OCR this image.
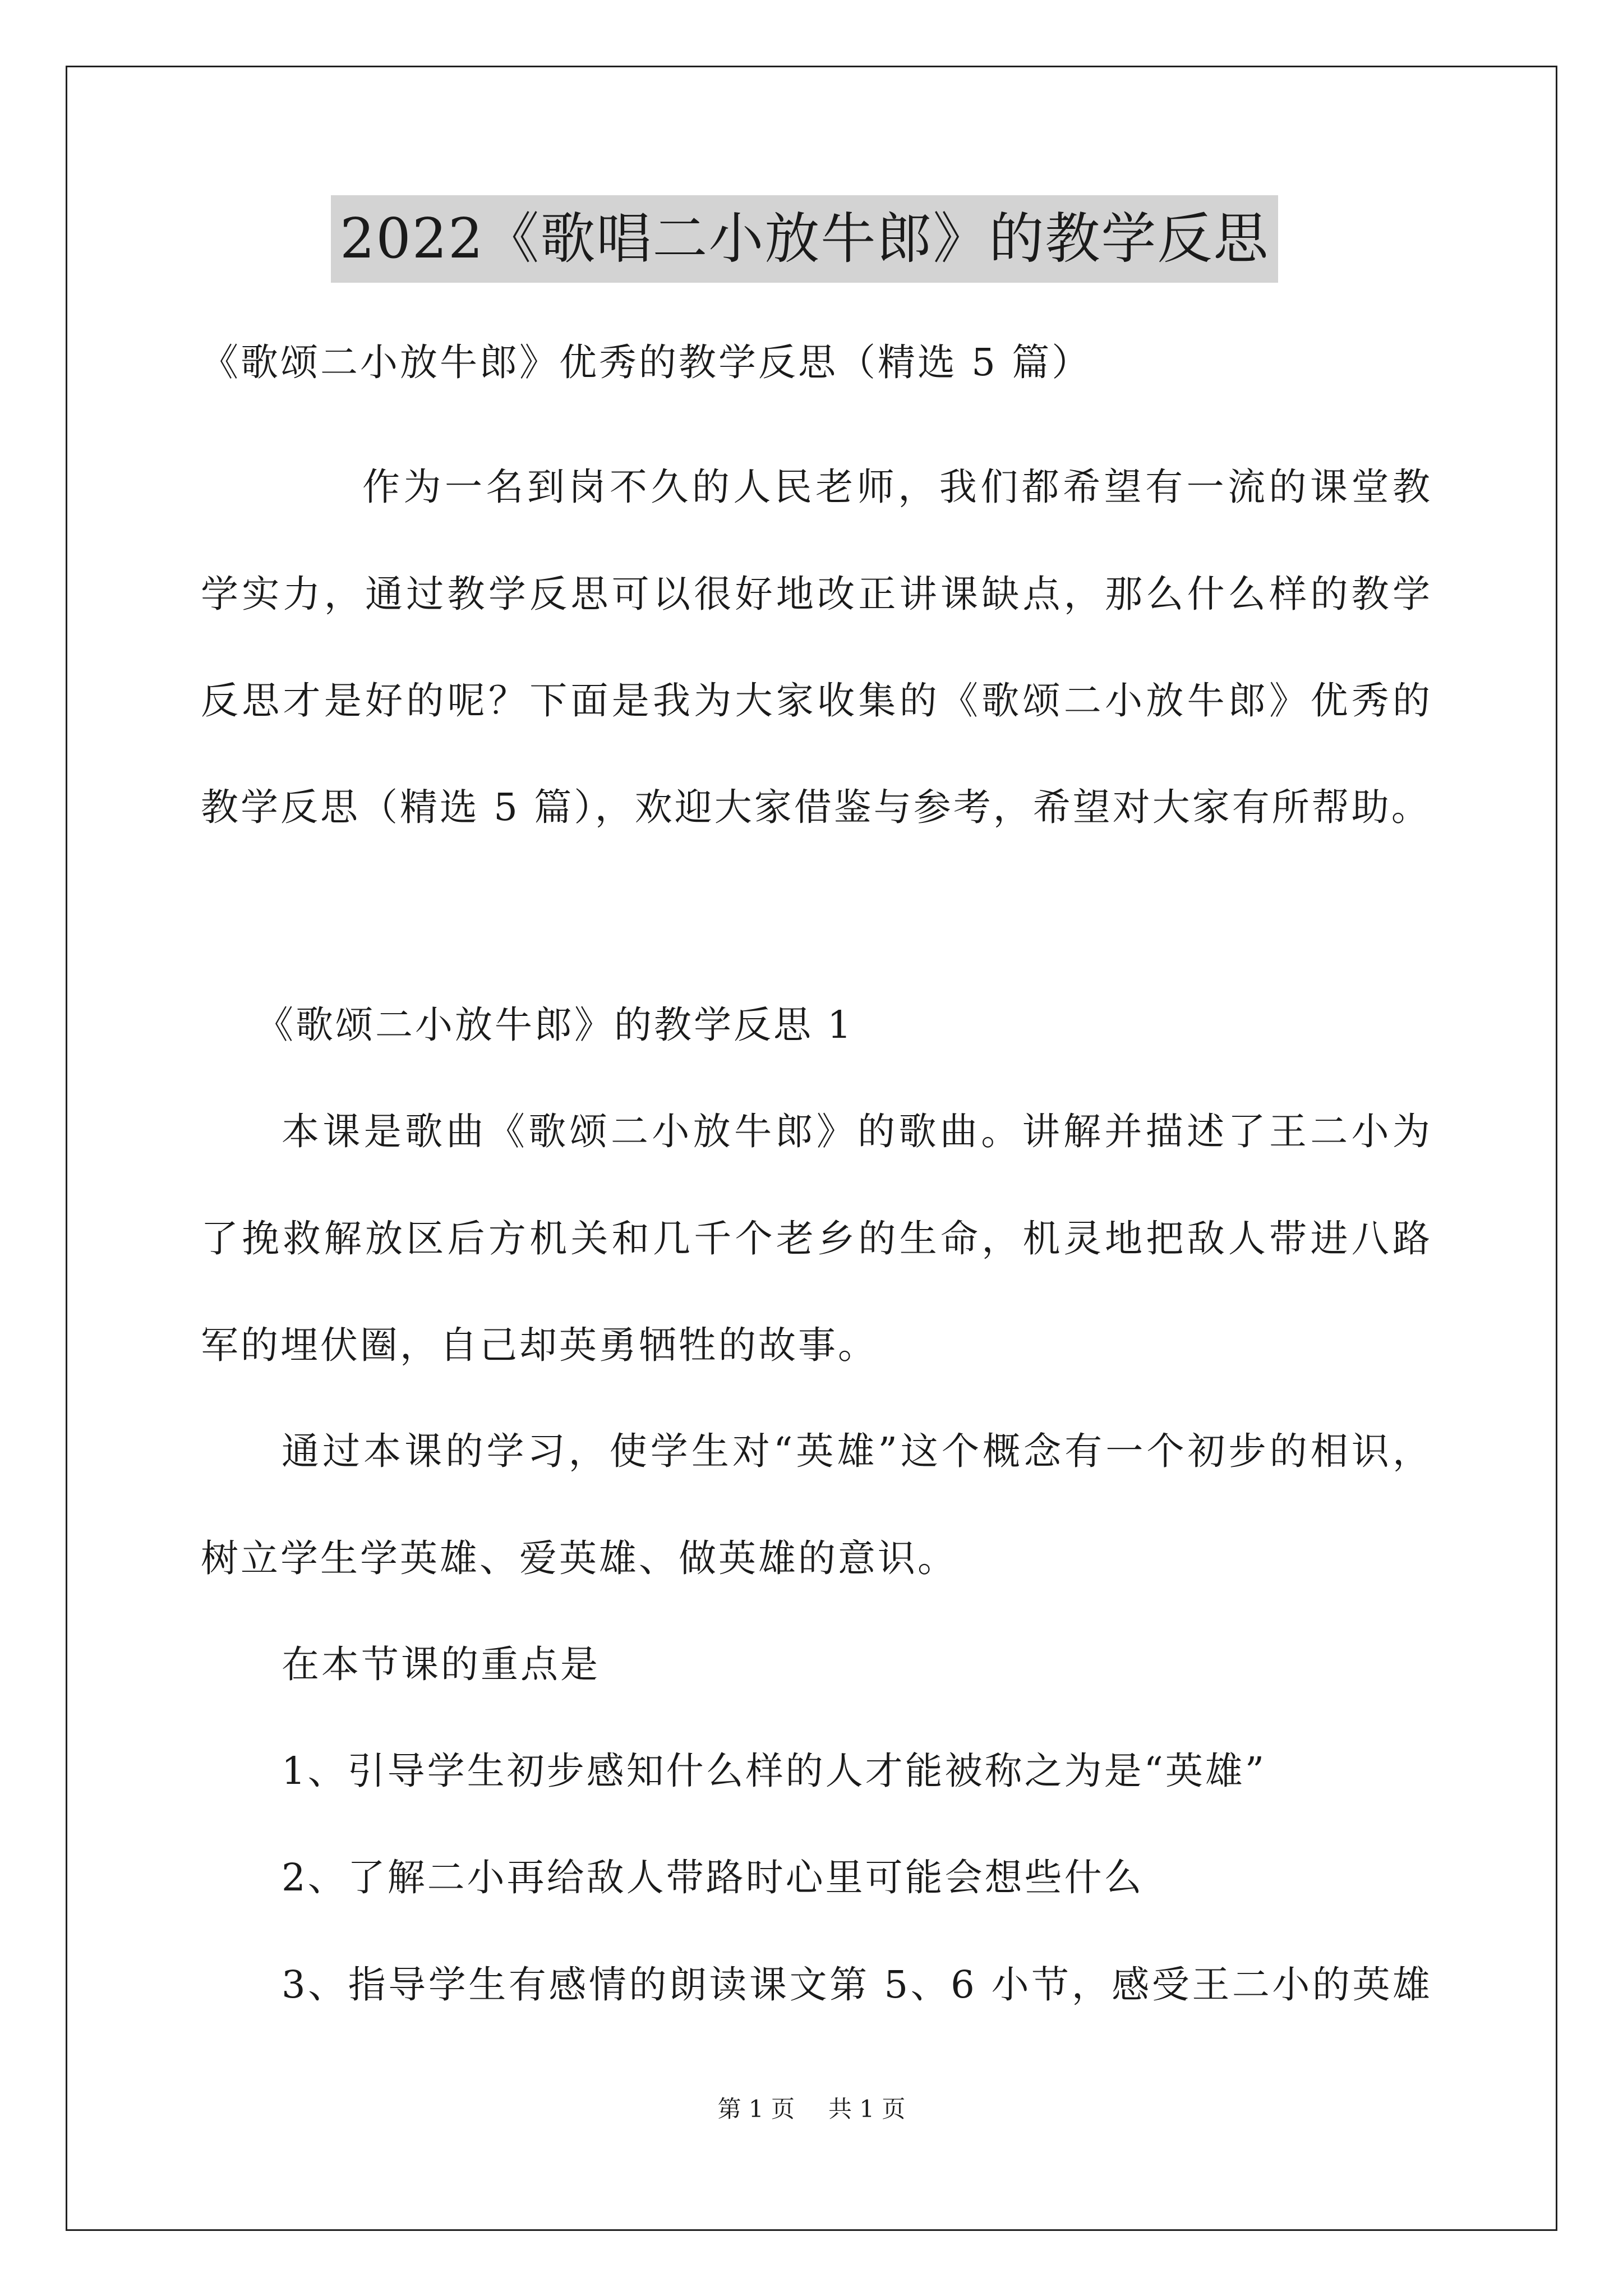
2022《歌唱二小放牛郎》的教学反思
《歌颂二小放牛郎》优秀的教学反思（精选 5 篇）
作为一名到岗不久的人民老师，我们都希望有一流的课堂教
学实力，通过教学反思可以很好地改正讲课缺点，那么什么样的教学
反思才是好的呢？下面是我为大家收集的《歌颂二小放牛郎》优秀的
教学反思（精选 5 篇），欢迎大家借鉴与参考，希望对大家有所帮助。
《歌颂二小放牛郎》的教学反思 1
本课是歌曲《歌颂二小放牛郎》的歌曲。讲解并描述了王二小为
了挽救解放区后方机关和几千个老乡的生命，机灵地把敌人带进八路
军的埋伏圈，自己却英勇牺牲的故事。
通过本课的学习，使学生对“英雄”这个概念有一个初步的相识，
树立学生学英雄、爱英雄、做英雄的意识。
在本节课的重点是
1、引导学生初步感知什么样的人才能被称之为是“英雄”
2、了解二小再给敌人带路时心里可能会想些什么
3、指导学生有感情的朗读课文第 5、6 小节，感受王二小的英雄
第 1 页 共 1 页
